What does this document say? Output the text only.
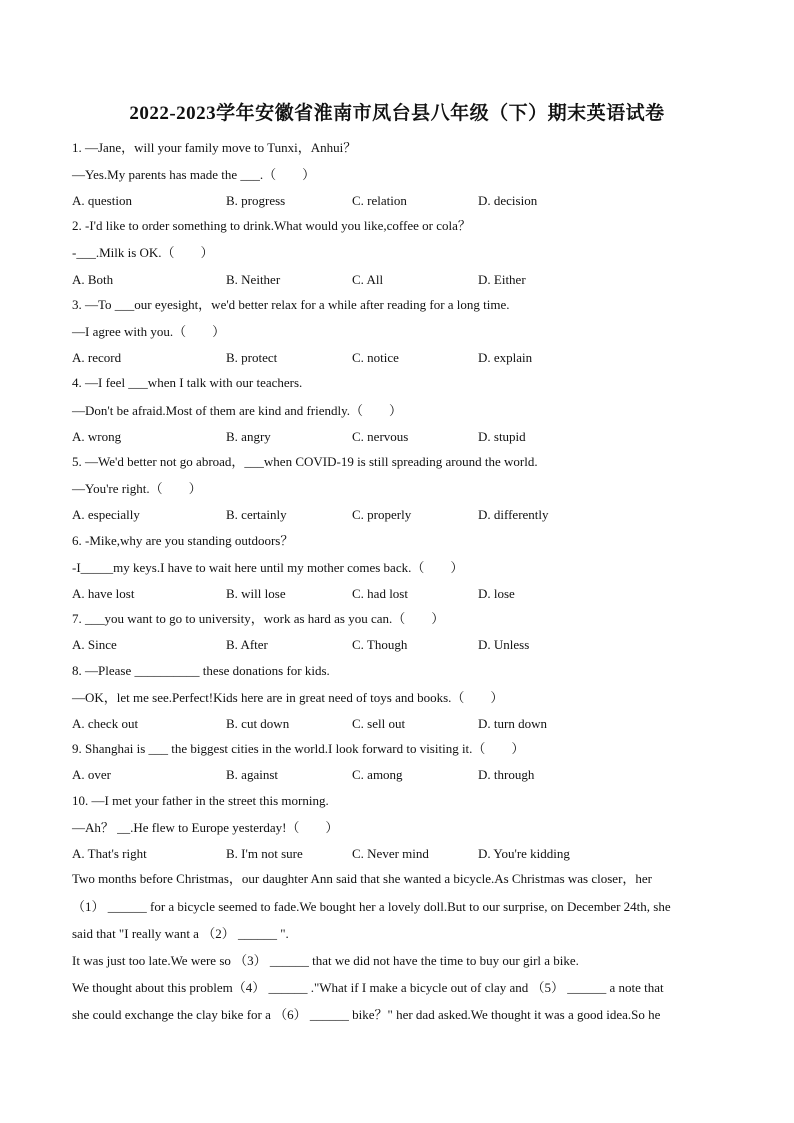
2022-2023学年安徽省淮南市凤台县八年级（下）期末英语试卷
1. —Jane，will your family move to Tunxi，Anhui？
—Yes.My parents has made the ___.（　　）
A. question	B. progress	C. relation	D. decision
2. -I'd like to order something to drink.What would you like,coffee or cola？
-___.Milk is OK.（　　）
A. Both	B. Neither	C. All	D. Either
3. —To ___our eyesight，we'd better relax for a while after reading for a long time.
—I agree with you.（　　）
A. record	B. protect	C. notice	D. explain
4. —I feel ___when I talk with our teachers.
—Don't be afraid.Most of them are kind and friendly.（　　）
A. wrong	B. angry	C. nervous	D. stupid
5. —We'd better not go abroad，___when COVID-19 is still spreading around the world.
—You're right.（　　）
A. especially	B. certainly	C. properly	D. differently
6. -Mike,why are you standing outdoors？
-I_____my keys.I have to wait here until my mother comes back.（　　）
A. have lost	B. will lose	C. had lost	D. lose
7. ___you want to go to university，work as hard as you can.（　　）
A. Since	B. After	C. Though	D. Unless
8. —Please __________ these donations for kids.
—OK，let me see.Perfect!Kids here are in great need of toys and books.（　　）
A. check out	B. cut down	C. sell out	D. turn down
9. Shanghai is ___ the biggest cities in the world.I look forward to visiting it.（　　）
A. over	B. against	C. among	D. through
10. —I met your father in the street this morning.
—Ah？ __.He flew to Europe yesterday!（　　）
A. That's right	B. I'm not sure	C. Never mind	D. You're kidding
Two months before Christmas，our daughter Ann said that she wanted a bicycle.As Christmas was closer，her
（1） ______ for a bicycle seemed to fade.We bought her a lovely doll.But to our surprise, on December 24th, she
said that "I really want a （2） ______ ".
It was just too late.We were so （3） ______ that we did not have the time to buy our girl a bike.
We thought about this problem（4） ______ ."What if I make a bicycle out of clay and （5） ______ a note that
she could exchange the clay bike for a （6） ______ bike？" her dad asked.We thought it was a good idea.So he
